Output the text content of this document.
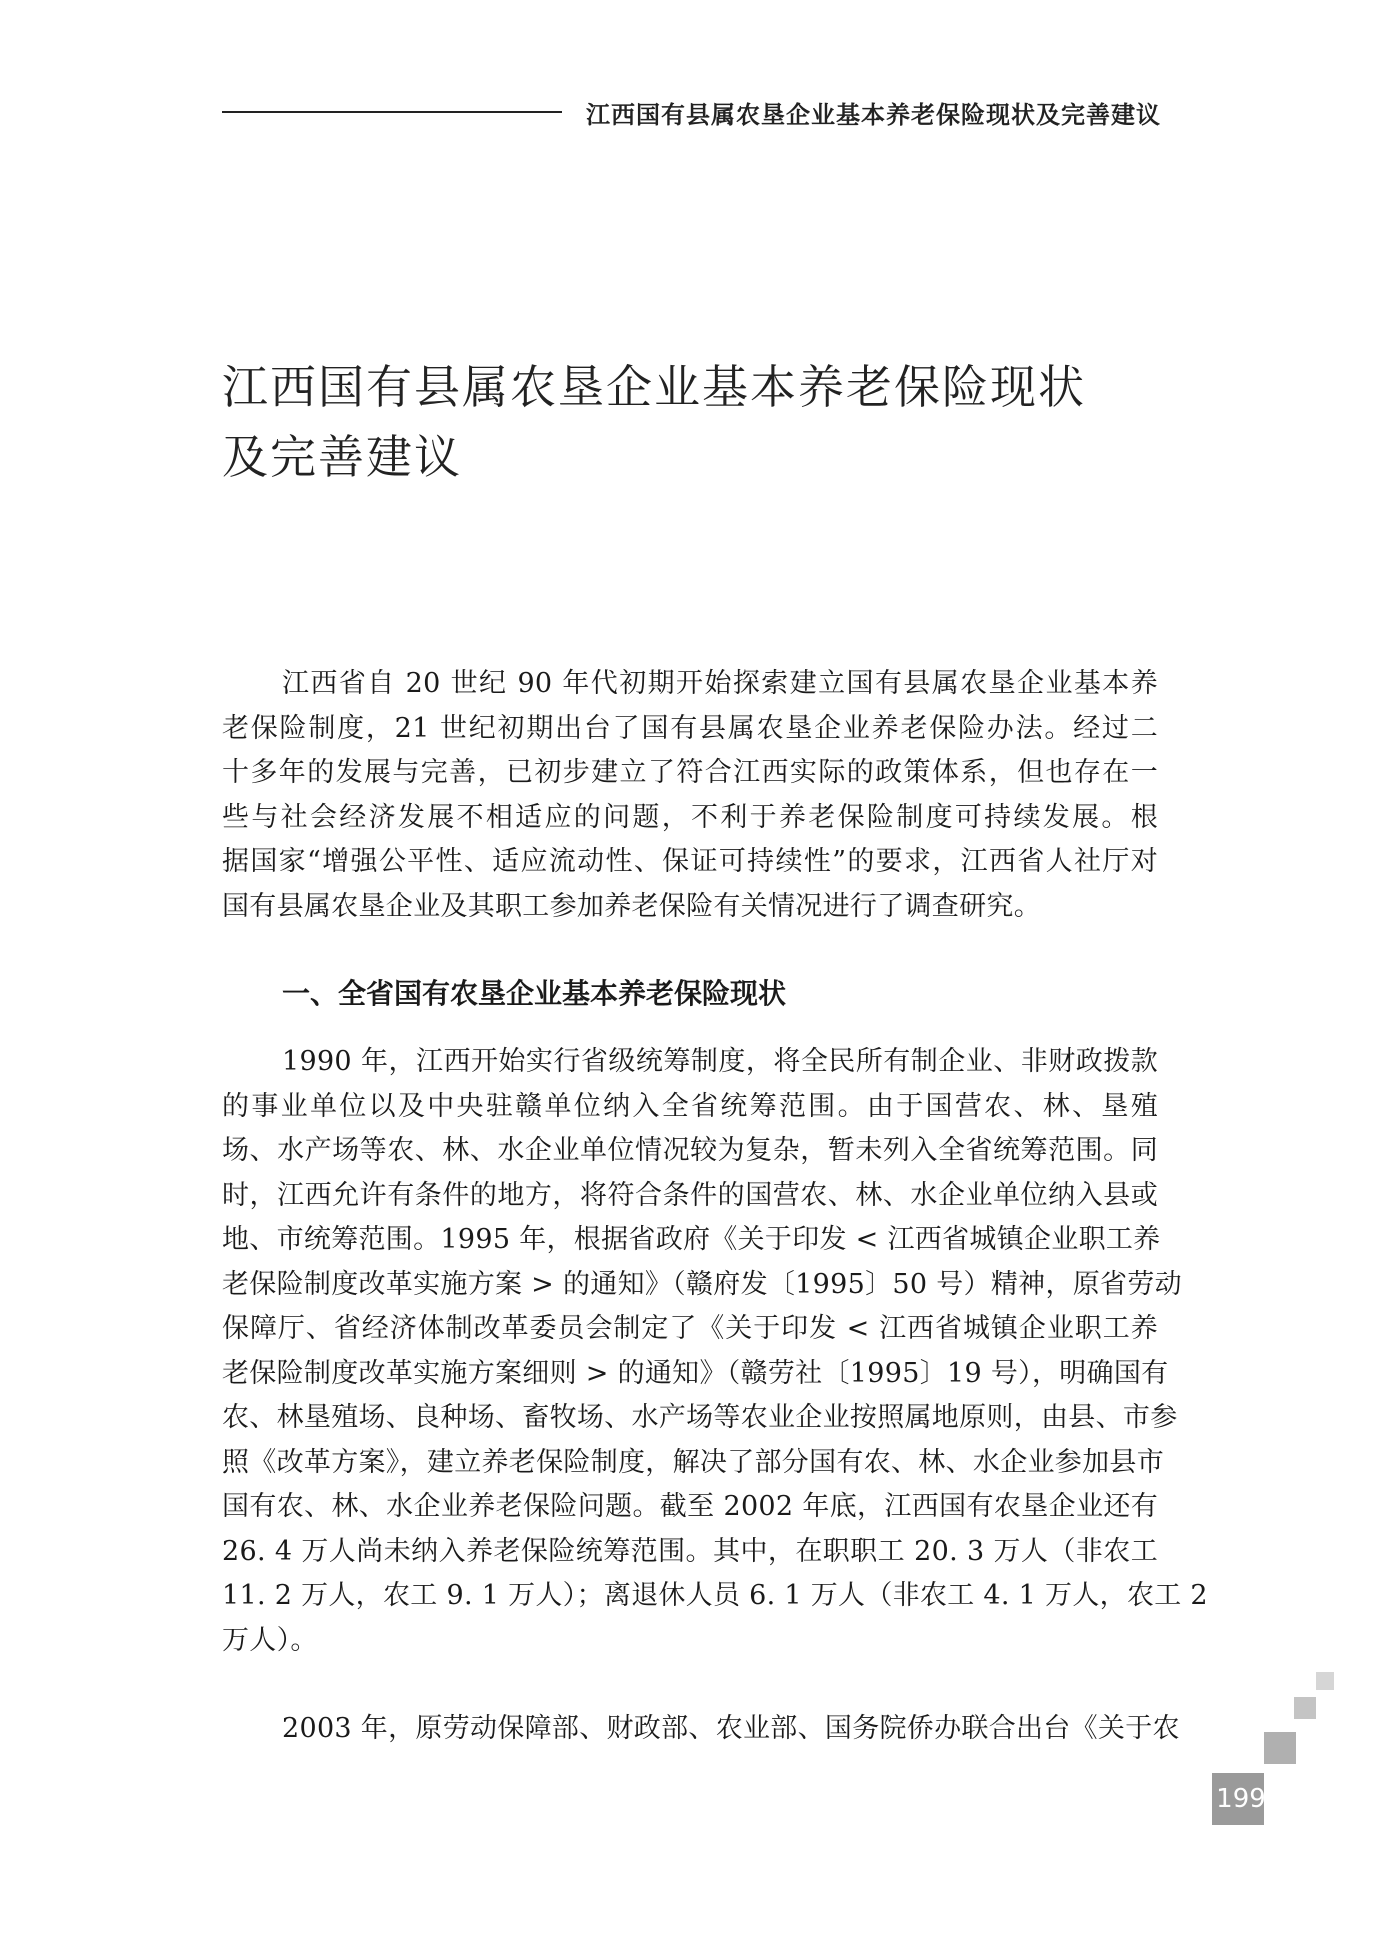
江西国有县属农垦企业基本养老保险现状及完善建议
江西国有县属农垦企业基本养老保险现状
及完善建议
江西省自 20 世纪 90 年代初期开始探索建立国有县属农垦企业基本养
老保险制度，21 世纪初期出台了国有县属农垦企业养老保险办法。经过二
十多年的发展与完善，已初步建立了符合江西实际的政策体系，但也存在一
些与社会经济发展不相适应的问题，不利于养老保险制度可持续发展。根
据国家“增强公平性、适应流动性、保证可持续性”的要求，江西省人社厅对
国有县属农垦企业及其职工参加养老保险有关情况进行了调查研究。
一、全省国有农垦企业基本养老保险现状
1990 年，江西开始实行省级统筹制度，将全民所有制企业、非财政拨款
的事业单位以及中央驻赣单位纳入全省统筹范围。由于国营农、林、垦殖
场、水产场等农、林、水企业单位情况较为复杂，暂未列入全省统筹范围。同
时，江西允许有条件的地方，将符合条件的国营农、林、水企业单位纳入县或
地、市统筹范围。1995 年，根据省政府《关于印发 < 江西省城镇企业职工养
老保险制度改革实施方案 > 的通知》（赣府发〔1995〕50 号）精神，原省劳动
保障厅、省经济体制改革委员会制定了《关于印发 < 江西省城镇企业职工养
老保险制度改革实施方案细则 > 的通知》（赣劳社〔1995〕19 号），明确国有
农、林垦殖场、良种场、畜牧场、水产场等农业企业按照属地原则，由县、市参
照《改革方案》，建立养老保险制度，解决了部分国有农、林、水企业参加县市
国有农、林、水企业养老保险问题。截至 2002 年底，江西国有农垦企业还有
26. 4 万人尚未纳入养老保险统筹范围。其中，在职职工 20. 3 万人（非农工
11. 2 万人，农工 9. 1 万人）；离退休人员 6. 1 万人（非农工 4. 1 万人，农工 2
万人）。
2003 年，原劳动保障部、财政部、农业部、国务院侨办联合出台《关于农
199
